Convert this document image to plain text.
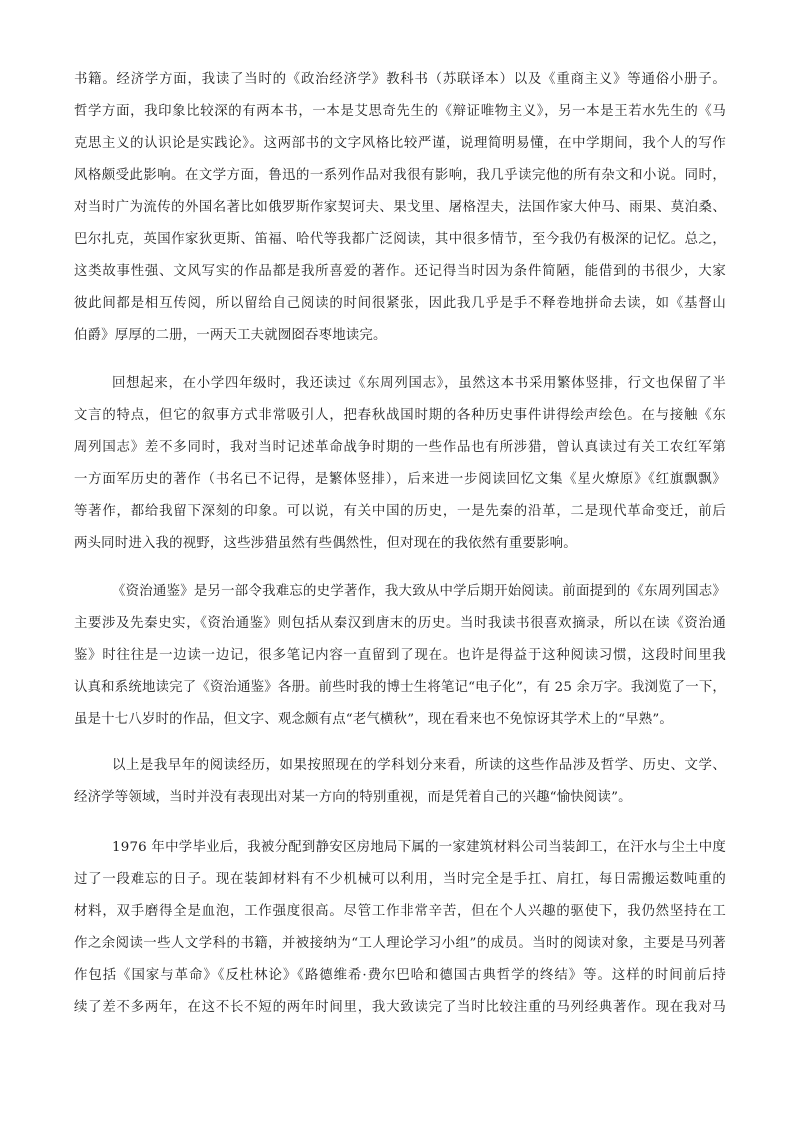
书籍。经济学方面，我读了当时的《政治经济学》教科书（苏联译本）以及《重商主义》等通俗小册子。
哲学方面，我印象比较深的有两本书，一本是艾思奇先生的《辩证唯物主义》，另一本是王若水先生的《马
克思主义的认识论是实践论》。这两部书的文字风格比较严谨，说理简明易懂，在中学期间，我个人的写作
风格颇受此影响。在文学方面，鲁迅的一系列作品对我很有影响，我几乎读完他的所有杂文和小说。同时，
对当时广为流传的外国名著比如俄罗斯作家契诃夫、果戈里、屠格涅夫，法国作家大仲马、雨果、莫泊桑、
巴尔扎克，英国作家狄更斯、笛福、哈代等我都广泛阅读，其中很多情节，至今我仍有极深的记忆。总之，
这类故事性强、文风写实的作品都是我所喜爱的著作。还记得当时因为条件简陋，能借到的书很少，大家
彼此间都是相互传阅，所以留给自己阅读的时间很紧张，因此我几乎是手不释卷地拼命去读，如《基督山
伯爵》厚厚的二册，一两天工夫就囫囵吞枣地读完。
回想起来，在小学四年级时，我还读过《东周列国志》，虽然这本书采用繁体竖排，行文也保留了半
文言的特点，但它的叙事方式非常吸引人，把春秋战国时期的各种历史事件讲得绘声绘色。在与接触《东
周列国志》差不多同时，我对当时记述革命战争时期的一些作品也有所涉猎，曾认真读过有关工农红军第
一方面军历史的著作（书名已不记得，是繁体竖排），后来进一步阅读回忆文集《星火燎原》《红旗飘飘》
等著作，都给我留下深刻的印象。可以说，有关中国的历史，一是先秦的沿革，二是现代革命变迁，前后
两头同时进入我的视野，这些涉猎虽然有些偶然性，但对现在的我依然有重要影响。
《资治通鉴》是另一部令我难忘的史学著作，我大致从中学后期开始阅读。前面提到的《东周列国志》
主要涉及先秦史实，《资治通鉴》则包括从秦汉到唐末的历史。当时我读书很喜欢摘录，所以在读《资治通
鉴》时往往是一边读一边记，很多笔记内容一直留到了现在。也许是得益于这种阅读习惯，这段时间里我
认真和系统地读完了《资治通鉴》各册。前些时我的博士生将笔记“电子化”，有 25 余万字。我浏览了一下，
虽是十七八岁时的作品，但文字、观念颇有点“老气横秋”，现在看来也不免惊讶其学术上的“早熟”。
以上是我早年的阅读经历，如果按照现在的学科划分来看，所读的这些作品涉及哲学、历史、文学、
经济学等领域，当时并没有表现出对某一方向的特别重视，而是凭着自己的兴趣“愉快阅读”。
1976 年中学毕业后，我被分配到静安区房地局下属的一家建筑材料公司当装卸工，在汗水与尘土中度
过了一段难忘的日子。现在装卸材料有不少机械可以利用，当时完全是手扛、肩扛，每日需搬运数吨重的
材料，双手磨得全是血泡，工作强度很高。尽管工作非常辛苦，但在个人兴趣的驱使下，我仍然坚持在工
作之余阅读一些人文学科的书籍，并被接纳为“工人理论学习小组”的成员。当时的阅读对象，主要是马列著
作包括《国家与革命》《反杜林论》《路德维希·费尔巴哈和德国古典哲学的终结》等。这样的时间前后持
续了差不多两年，在这不长不短的两年时间里，我大致读完了当时比较注重的马列经典著作。现在我对马
